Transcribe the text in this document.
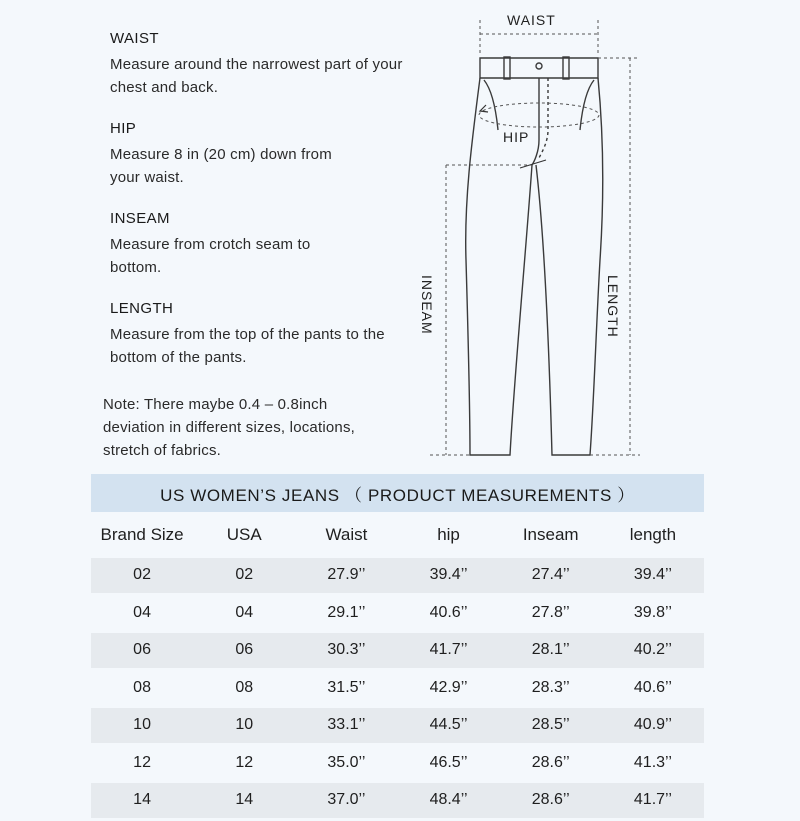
WAIST

Measure around the narrowest part of your chest and back.

HIP

Measure 8 in (20 cm) down from your waist.

INSEAM

Measure from crotch seam to bottom.

LENGTH

Measure from the top of the pants to the bottom of the pants.

Note: There maybe 0.4 – 0.8inch deviation in different sizes, locations, stretch of fabrics.

WAIST
HIP
INSEAM	LENGTH
US WOMEN’S JEANS （ PRODUCT MEASUREMENTS ）
Brand Size	USA	Waist	hip	Inseam	length
02	02	27.9’’	39.4’’	27.4’’	39.4’’
04	04	29.1’’	40.6’’	27.8’’	39.8’’
06	06	30.3’’	41.7’’	28.1’’	40.2’’
08	08	31.5’’	42.9’’	28.3’’	40.6’’
10	10	33.1’’	44.5’’	28.5’’	40.9’’
12	12	35.0’’	46.5’’	28.6’’	41.3’’
14	14	37.0’’	48.4’’	28.6’’	41.7’’
